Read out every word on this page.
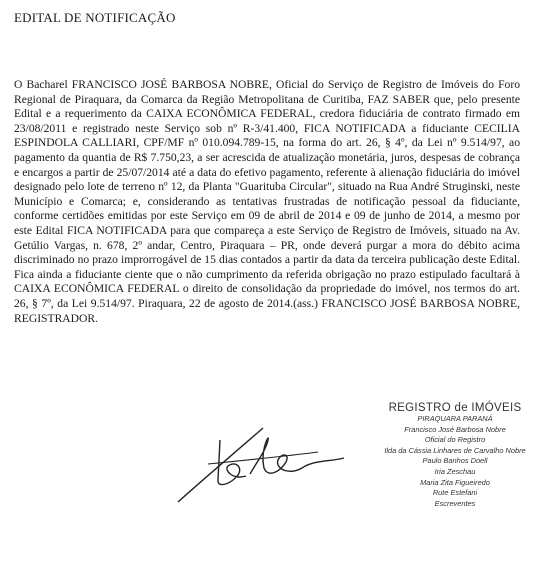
EDITAL DE NOTIFICAÇÃO

O Bacharel FRANCISCO JOSÉ BARBOSA NOBRE, Oficial do Serviço de Registro de Imóveis do Foro Regional de Piraquara, da Comarca da Região Metropolitana de Curitiba, FAZ SABER que, pelo presente Edital e a requerimento da CAIXA ECONÔMICA FEDERAL, credora fiduciária de contrato firmado em 23/08/2011 e registrado neste Serviço sob nº R-3/41.400, FICA NOTIFICADA a fiduciante CECILIA ESPINDOLA CALLIARI, CPF/MF nº 010.094.789-15, na forma do art. 26, § 4º, da Lei nº 9.514/97, ao pagamento da quantia de R$ 7.750,23, a ser acrescida de atualização monetária, juros, despesas de cobrança e encargos a partir de 25/07/2014 até a data do efetivo pagamento, referente à alienação fiduciária do imóvel designado pelo lote de terreno nº 12, da Planta "Guarituba Circular", situado na Rua André Struginski, neste Município e Comarca; e, considerando as tentativas frustradas de notificação pessoal da fiduciante, conforme certidões emitidas por este Serviço em 09 de abril de 2014 e 09 de junho de 2014, a mesmo por este Edital FICA NOTIFICADA para que compareça a este Serviço de Registro de Imóveis, situado na Av. Getúlio Vargas, n. 678, 2º andar, Centro, Piraquara – PR, onde deverá purgar a mora do débito acima discriminado no prazo improrrogável de 15 dias contados a partir da data da terceira publicação deste Edital. Fica ainda a fiduciante ciente que o não cumprimento da referida obrigação no prazo estipulado facultará à CAIXA ECONÔMICA FEDERAL o direito de consolidação da propriedade do imóvel, nos termos do art. 26, § 7º, da Lei 9.514/97. Piraquara, 22 de agosto de 2014.(ass.) FRANCISCO JOSÉ BARBOSA NOBRE, REGISTRADOR.

REGISTRO de IMÓVEIS
PIRAQUARA PARANÁ
Francisco José Barbosa Nobre
Oficial do Registro
Ilda da Cássia Linhares de Carvalho Nobre
Paulo Banhos Doell
Iria Zeschau
Maria Zita Figueiredo
Rute Estefani
Escreventes
